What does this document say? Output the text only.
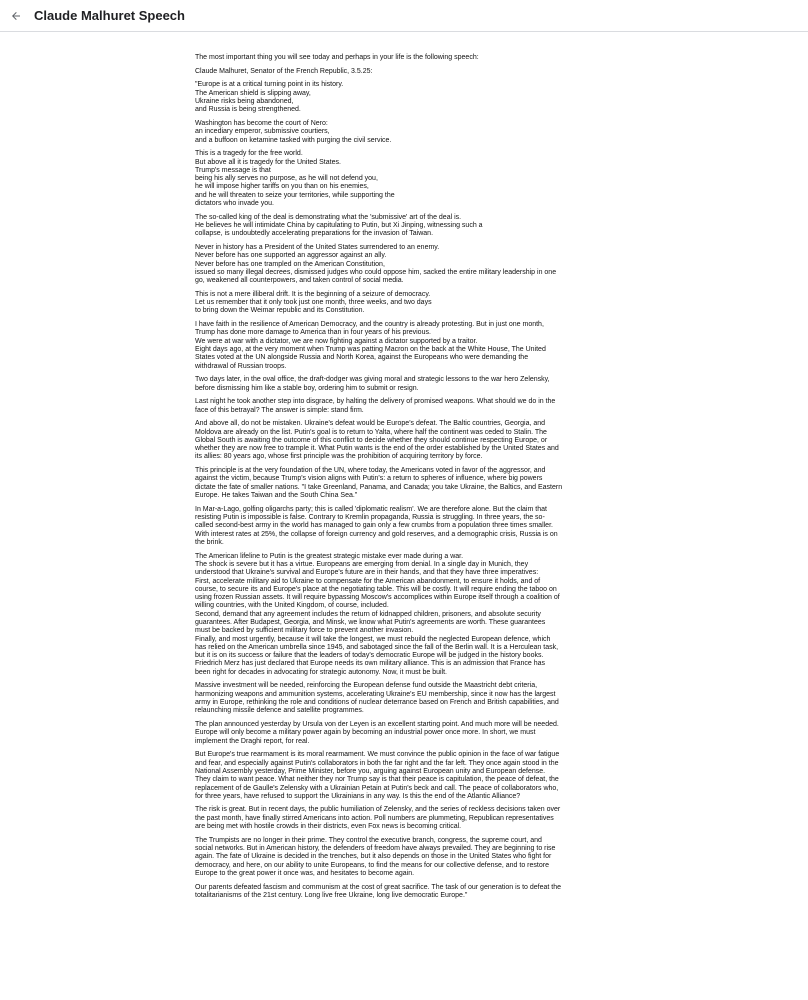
Claude Malhuret Speech

The most important thing you will see today and perhaps in your life is the following speech:

Claude Malhuret, Senator of the French Republic, 3.5.25:

"Europe is at a critical turning point in its history.
The American shield is slipping away,
Ukraine risks being abandoned,
and Russia is being strengthened.

Washington has become the court of Nero:
an incediary emperor, submissive courtiers,
and a buffoon on ketamine tasked with purging the civil service.

This is a tragedy for the free world.
But above all it is tragedy for the United States.
Trump's message is that
being his ally serves no purpose, as he will not defend you,
he will impose higher tariffs on you than on his enemies,
and he will threaten to seize your territories, while supporting the
dictators who invade you.

The so-called king of the deal is demonstrating what the 'submissive' art of the deal is.
He believes he will intimidate China by capitulating to Putin, but Xi Jinping, witnessing such a
collapse, is undoubtedly accelerating preparations for the invasion of Taiwan.

Never in history has a President of the United States surrendered to an enemy.
Never before has one supported an aggressor against an ally.
Never before has one trampled on the American Constitution,
issued so many illegal decrees, dismissed judges who could oppose him, sacked the entire military leadership in one
go, weakened all counterpowers, and taken control of social media.

This is not a mere illiberal drift. It is the beginning of a seizure of democracy.
Let us remember that it only took just one month, three weeks, and two days
to bring down the Weimar republic and its Constitution.

I have faith in the resilience of American Democracy, and the country is already protesting. But in just one month,
Trump has done more damage to America than in four years of his previous.
We were at war with a dictator, we are now fighting against a dictator supported by a traitor.
Eight days ago, at the very moment when Trump was patting Macron on the back at the White House, The United
States voted at the UN alongside Russia and North Korea, against the Europeans who were demanding the
withdrawal of Russian troops.

Two days later, in the oval office, the draft-dodger was giving moral and strategic lessons to the war hero Zelensky,
before dismissing him like a stable boy, ordering him to submit or resign.

Last night he took another step into disgrace, by halting the delivery of promised weapons. What should we do in the
face of this betrayal? The answer is simple: stand firm.

And above all, do not be mistaken. Ukraine's defeat would be Europe's defeat. The Baltic countries, Georgia, and
Moldova are already on the list. Putin's goal is to return to Yalta, where half the continent was ceded to Stalin. The
Global South is awaiting the outcome of this conflict to decide whether they should continue respecting Europe, or
whether they are now free to trample it. What Putin wants is the end of the order established by the United States and
its allies: 80 years ago, whose first principle was the prohibition of acquiring territory by force.

This principle is at the very foundation of the UN, where today, the Americans voted in favor of the aggressor, and
against the victim, because Trump's vision aligns with Putin's: a return to spheres of influence, where big powers
dictate the fate of smaller nations. "I take Greenland, Panama, and Canada; you take Ukraine, the Baltics, and Eastern
Europe. He takes Taiwan and the South China Sea."

In Mar-a-Lago, golfing oligarchs party; this is called 'diplomatic realism'. We are therefore alone. But the claim that
resisting Putin is impossible is false. Contrary to Kremlin propaganda, Russia is struggling. In three years, the so-
called second-best army in the world has managed to gain only a few crumbs from a population three times smaller.
With interest rates at 25%, the collapse of foreign currency and gold reserves, and a demographic crisis, Russia is on
the brink.

The American lifeline to Putin is the greatest strategic mistake ever made during a war.
The shock is severe but it has a virtue. Europeans are emerging from denial. In a single day in Munich, they
understood that Ukraine's survival and Europe's future are in their hands, and that they have three imperatives:
First, accelerate military aid to Ukraine to compensate for the American abandonment, to ensure it holds, and of
course, to secure its and Europe's place at the negotiating table. This will be costly. It will require ending the taboo on
using frozen Russian assets. It will require bypassing Moscow's accomplices within Europe itself through a coalition of
willing countries, with the United Kingdom, of course, included.
Second, demand that any agreement includes the return of kidnapped children, prisoners, and absolute security
guarantees. After Budapest, Georgia, and Minsk, we know what Putin's agreements are worth. These guarantees
must be backed by sufficient military force to prevent another invasion.
Finally, and most urgently, because it will take the longest, we must rebuild the neglected European defence, which
has relied on the American umbrella since 1945, and sabotaged since the fall of the Berlin wall. It is a Herculean task,
but it is on its success or failure that the leaders of today's democratic Europe will be judged in the history books.
Friedrich Merz has just declared that Europe needs its own military alliance. This is an admission that France has
been right for decades in advocating for strategic autonomy. Now, it must be built.

Massive investment will be needed, reinforcing the European defense fund outside the Maastricht debt criteria,
harmonizing weapons and ammunition systems, accelerating Ukraine's EU membership, since it now has the largest
army in Europe, rethinking the role and conditions of nuclear deterrance based on French and British capabilities, and
relaunching missile defence and satellite programmes.

The plan announced yesterday by Ursula von der Leyen is an excellent starting point. And much more will be needed.
Europe will only become a military power again by becoming an industrial power once more. In short, we must
implement the Draghi report, for real.

But Europe's true rearmament is its moral rearmament. We must convince the public opinion in the face of war fatigue
and fear, and especially against Putin's collaborators in both the far right and the far left. They once again stood in the
National Assembly yesterday, Prime Minister, before you, arguing against European unity and European defense.
They claim to want peace. What neither they nor Trump say is that their peace is capitulation, the peace of defeat, the
replacement of de Gaulle's Zelensky with a Ukrainian Petain at Putin's beck and call. The peace of collaborators who,
for three years, have refused to support the Ukrainians in any way. Is this the end of the Atlantic Alliance?

The risk is great. But in recent days, the public humiliation of Zelensky, and the series of reckless decisions taken over
the past month, have finally stirred Americans into action. Poll numbers are plummeting, Republican representatives
are being met with hostile crowds in their districts, even Fox news is becoming critical.

The Trumpists are no longer in their prime. They control the executive branch, congress, the supreme court, and
social networks. But in American history, the defenders of freedom have always prevailed. They are beginning to rise
again. The fate of Ukraine is decided in the trenches, but it also depends on those in the United States who fight for
democracy, and here, on our ability to unite Europeans, to find the means for our collective defense, and to restore
Europe to the great power it once was, and hesitates to become again.

Our parents defeated fascism and communism at the cost of great sacrifice. The task of our generation is to defeat the
totalitarianisms of the 21st century. Long live free Ukraine, long live democratic Europe."
